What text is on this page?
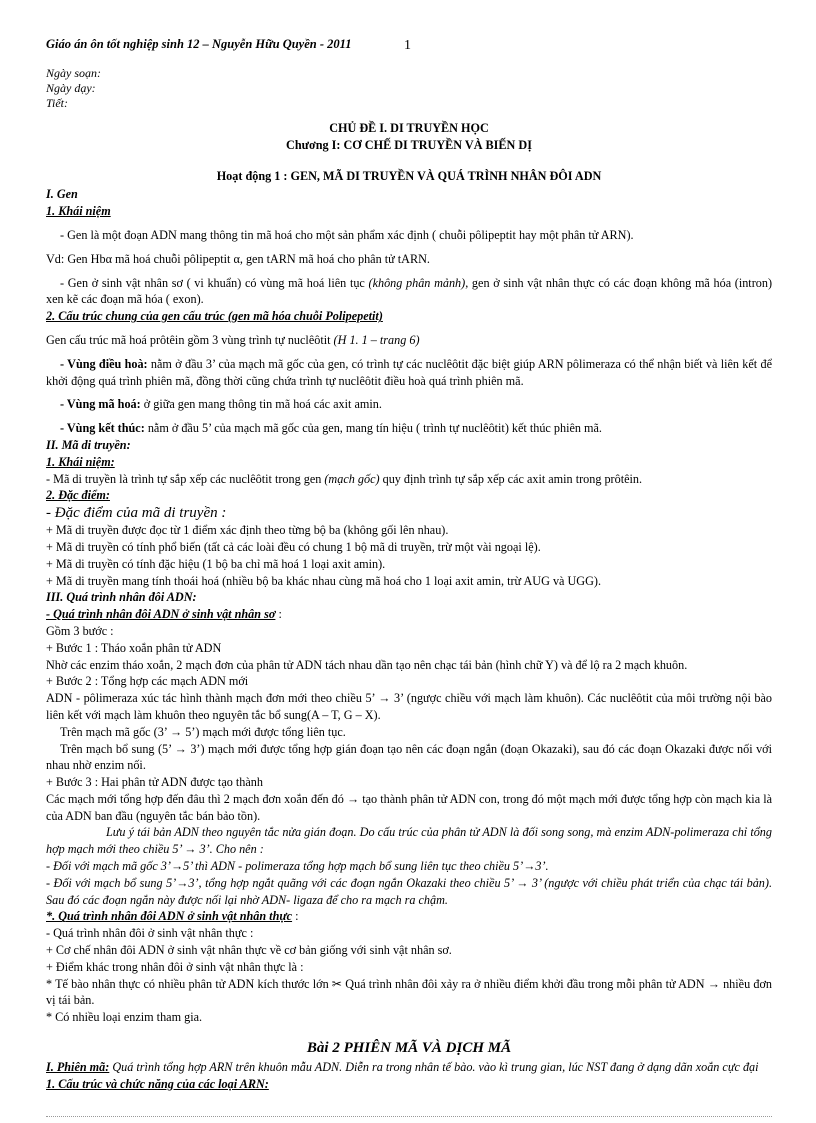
Giáo án ôn tốt nghiệp sinh 12 – Nguyễn Hữu Quyền - 2011	1
Ngày soạn:
Ngày dạy:
Tiết:
CHỦ ĐỀ I. DI TRUYỀN HỌC
Chương I: CƠ CHẾ DI TRUYỀN VÀ BIẾN DỊ
Hoạt động 1 : GEN, MÃ DI TRUYỀN VÀ QUÁ TRÌNH NHÂN ĐÔI ADN
I. Gen
1. Khái niệm

- Gen là một đoạn ADN mang thông tin mã hoá cho một sản phẩm xác định ( chuỗi pôlipeptit hay một phân tử ARN).

Vd: Gen Hbα mã hoá chuỗi pôlipeptit α, gen tARN mã hoá cho phân tử tARN.

- Gen ở sinh vật nhân sơ ( vi khuẩn) có vùng mã hoá liên tục (không phân mảnh), gen ở sinh vật nhân thực có các đoạn không mã hóa (intron) xen kẽ các đoạn mã hóa ( exon).

2. Cấu trúc chung của gen cấu trúc (gen mã hóa chuỗi Polipepetit)

Gen cấu trúc mã hoá prôtêin gồm 3 vùng trình tự nuclêôtit (H 1. 1 – trang 6)

- Vùng điều hoà: nằm ở đầu 3’ của mạch mã gốc của gen, có trình tự các nuclêôtit đặc biệt giúp ARN pôlimeraza có thể nhận biết và liên kết để khởi động quá trình phiên mã, đồng thời cũng chứa trình tự nuclêôtit điều hoà quá trình phiên mã.

- Vùng mã hoá: ở giữa gen mang thông tin mã hoá các axit amin.

- Vùng kết thúc: nằm ở đầu 5’ của mạch mã gốc của gen, mang tín hiệu ( trình tự nuclêôtit) kết thúc phiên mã.

II. Mã di truyền:
1. Khái niệm:

- Mã di truyền là trình tự sắp xếp các nuclêôtit trong gen (mạch gốc) quy định trình tự sắp xếp các axit amin trong prôtêin.

2. Đặc điểm:
- Đặc điểm của mã di truyền :

+ Mã di truyền được đọc từ 1 điểm xác định theo từng bộ ba (không gối lên nhau).

+ Mã di truyền có tính phổ biến (tất cả các loài đều có chung 1 bộ mã di truyền, trừ một vài ngoại lệ).

+ Mã di truyền có tính đặc hiệu (1 bộ ba chỉ mã hoá 1 loại axit amin).

+ Mã di truyền mang tính thoái hoá (nhiều bộ ba khác nhau cùng mã hoá cho 1 loại axit amin, trừ AUG và UGG).

III. Quá trình nhân đôi ADN:
- Quá trình nhân đôi ADN ở sinh vật nhân sơ :

Gồm 3 bước :

+ Bước 1 : Tháo xoắn phân tử ADN

Nhờ các enzim tháo xoắn, 2 mạch đơn của phân tử ADN tách nhau dần tạo nên chạc tái bản (hình chữ Y) và để lộ ra 2 mạch khuôn.

+ Bước 2 : Tổng hợp các mạch ADN mới

ADN - pôlimeraza xúc tác hình thành mạch đơn mới theo chiều 5’ → 3’ (ngược chiều với mạch làm khuôn). Các nuclêôtit của môi trường nội bào liên kết với mạch làm khuôn theo nguyên tắc bổ sung(A – T, G – X).

Trên mạch mã gốc (3’ → 5’) mạch mới được tổng liên tục.

Trên mạch bổ sung (5’ → 3’) mạch mới được tổng hợp gián đoạn tạo nên các đoạn ngắn (đoạn Okazaki), sau đó các đoạn Okazaki được nối với nhau nhờ enzim nối.

+ Bước 3 : Hai phân tử ADN được tạo thành

Các mạch mới tổng hợp đến đâu thì 2 mạch đơn xoắn đến đó → tạo thành phân tử ADN con, trong đó một mạch mới được tổng hợp còn mạch kia là của ADN ban đầu (nguyên tắc bán bảo tồn).

Lưu ý tái bản ADN theo nguyên tắc nửa gián đoạn. Do cấu trúc của phân tử ADN là đối song song, mà enzim ADN-polimeraza chỉ tổng hợp mạch mới theo chiều 5’ → 3’. Cho nên :

- Đối với mạch mã gốc 3’→5’ thì ADN - polimeraza tổng hợp mạch bổ sung liên tục theo chiều 5’→3’.

- Đối với mạch bổ sung 5’→3’, tổng hợp ngắt quãng với các đoạn ngắn Okazaki theo chiều 5’ → 3’ (ngược với chiều phát triển của chạc tái bản). Sau đó các đoạn ngắn này được nối lại nhờ ADN- ligaza để cho ra mạch ra chậm.

*. Quá trình nhân đôi ADN ở sinh vật nhân thực :

- Quá trình nhân đôi ở sinh vật nhân thực :

+ Cơ chế nhân đôi ADN ở sinh vật nhân thực về cơ bản giống với sinh vật nhân sơ.

+ Điểm khác trong nhân đôi ở sinh vật nhân thực là :

* Tế bào nhân thực có nhiều phân tử ADN kích thước lớn ✂ Quá trình nhân đôi xảy ra ở nhiều điểm khởi đầu trong mỗi phân tử ADN → nhiều đơn vị tái bản.

* Có nhiều loại enzim tham gia.

Bài 2 PHIÊN MÃ VÀ DỊCH MÃ

I. Phiên mã: Quá trình tổng hợp ARN trên khuôn mẫu ADN. Diễn ra trong nhân tế bào. vào kì trung gian, lúc NST đang ở dạng dãn xoắn cực đại

1. Cấu trúc và chức năng của các loại ARN:
